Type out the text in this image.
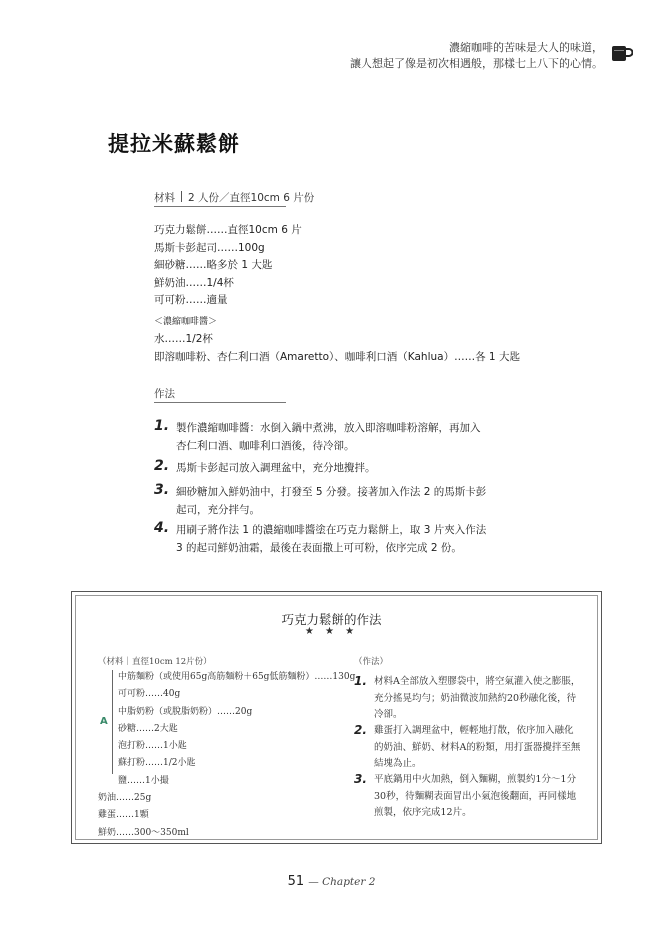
濃縮咖啡的苦味是大人的味道，
讓人想起了像是初次相遇般，那樣七上八下的心情。
提拉米蘇鬆餅
材料 2 人份／直徑10cm 6 片份
巧克力鬆餅……直徑10cm 6 片
馬斯卡彭起司……100g
細砂糖……略多於 1 大匙
鮮奶油……1/4杯
可可粉……適量
＜濃縮咖啡醬＞
水……1/2杯
即溶咖啡粉、杏仁利口酒（Amaretto）、咖啡利口酒（Kahlua）……各 1 大匙
作法
1. 製作濃縮咖啡醬：水倒入鍋中煮沸，放入即溶咖啡粉溶解，再加入杏仁利口酒、咖啡利口酒後，待冷卻。
2. 馬斯卡彭起司放入調理盆中，充分地攪拌。
3. 細砂糖加入鮮奶油中，打發至 5 分發。接著加入作法 2 的馬斯卡彭起司，充分拌勻。
4. 用刷子將作法 1 的濃縮咖啡醬塗在巧克力鬆餅上，取 3 片夾入作法 3 的起司鮮奶油霜，最後在表面撒上可可粉，依序完成 2 份。
巧克力鬆餅的作法
★ ★ ★
（材料｜直徑10cm 12片份）
A
中筋麵粉（或使用65g高筋麵粉＋65g低筋麵粉）……130g
可可粉……40g
中脂奶粉（或脫脂奶粉）……20g
砂糖……2大匙
泡打粉……1小匙
蘇打粉……1/2小匙
鹽……1小撮
奶油……25g
雞蛋……1顆
鮮奶……300～350ml
（作法）
1. 材料A全部放入塑膠袋中，將空氣灌入使之膨脹，充分搖晃均勻；奶油微波加熱約20秒融化後，待冷卻。
2. 雞蛋打入調理盆中，輕輕地打散，依序加入融化的奶油、鮮奶、材料A的粉類，用打蛋器攪拌至無結塊為止。
3. 平底鍋用中火加熱，倒入麵糊，煎製約1分～1分30秒，待麵糊表面冒出小氣泡後翻面，再同樣地煎製，依序完成12片。
51 — Chapter 2
